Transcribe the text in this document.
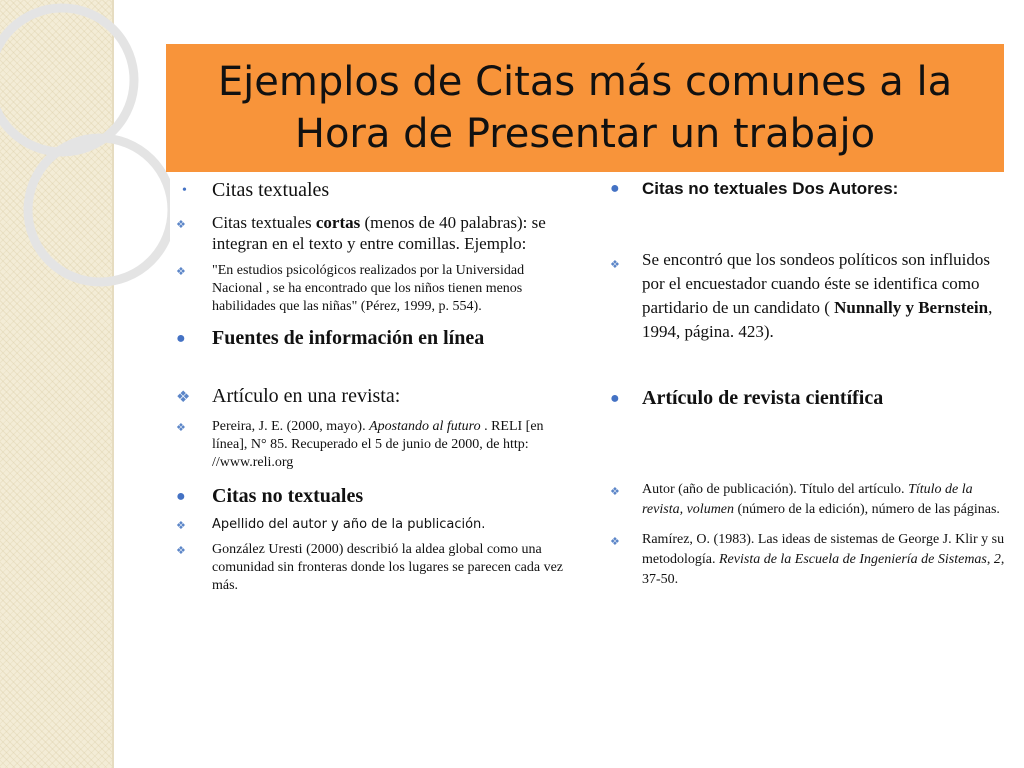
Ejemplos de Citas más comunes a la
Hora de Presentar un trabajo
• Citas textuales
❖ Citas textuales cortas (menos de 40 palabras): se integran en el texto y entre comillas. Ejemplo:
❖ "En estudios psicológicos realizados por la Universidad Nacional , se ha encontrado que los niños tienen menos habilidades que las niñas" (Pérez, 1999, p. 554).
● Fuentes de información en línea
❖ Artículo en una revista:
❖ Pereira, J. E. (2000, mayo). Apostando al futuro . RELI [en línea], N° 85. Recuperado el 5 de junio de 2000, de http: //www.reli.org
● Citas no textuales
❖ Apellido del autor y año de la publicación.
❖ González Uresti (2000) describió la aldea global como una comunidad sin fronteras donde los lugares se parecen cada vez más.
● Citas no textuales Dos Autores:
❖ Se encontró que los sondeos políticos son influidos por el encuestador cuando éste se identifica como partidario de un candidato ( Nunnally y Bernstein, 1994, página. 423).
● Artículo de revista científica
❖ Autor (año de publicación). Título del artículo. Título de la revista, volumen (número de la edición), número de las páginas.
❖ Ramírez, O. (1983). Las ideas de sistemas de George J. Klir y su metodología. Revista de la Escuela de Ingeniería de Sistemas, 2, 37-50.
